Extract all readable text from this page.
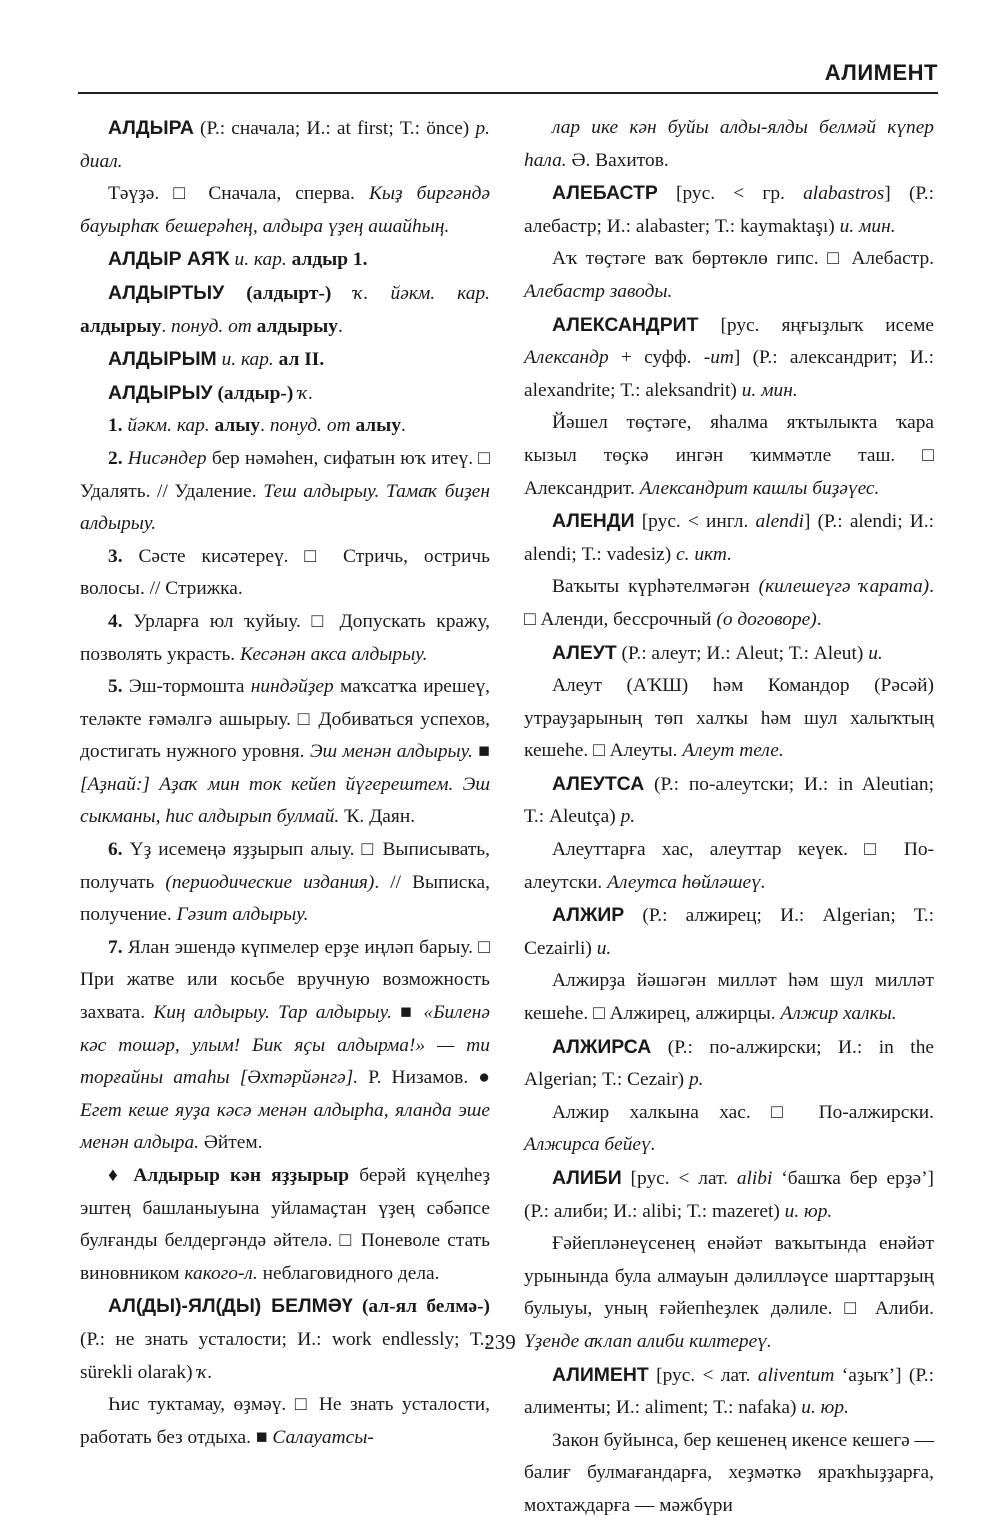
АЛИМЕНТ

АЛДЫРА (Р.: сначала; И.: at first; Т.: önce) р. диал.

Тәүҙә. □ Сначала, сперва. Кыҙ биргәндә бауырһаҡ бешерәһең, алдыра үҙең ашайһың.

АЛДЫР АЯҠ и. кар. алдыр 1.

АЛДЫРТЫУ (алдырт-) ҡ. йәкм. кар. алдырыу. понуд. от алдырыу.

АЛДЫРЫМ и. кар. ал II.

АЛДЫРЫУ (алдыр-) ҡ.

1. йәкм. кар. алыу. понуд. от алыу.

2. Нисәндер бер нәмәһен, сифатын юҡ итеү. □ Удалять. // Удаление. Теш алдырыу. Тамаҡ биҙен алдырыу.

3. Сәсте кисәтереү. □ Стричь, остричь волосы. // Стрижка.

4. Урларға юл ҡуйыу. □ Допускать кражу, позволять украсть. Кесәнән акса алдырыу.

5. Эш-тормошта ниндәйҙер маҡсатҡа ирешеү, теләкте ғәмәлгә ашырыу. □ Добиваться успехов, достигать нужного уровня. Эш менән алдырыу. ■ [Аҙнай:] Аҙаҡ мин ток кейеп йүгерештем. Эш сыкманы, һис алдырып булмай. Ҡ. Даян.

6. Үҙ исемеңә яҙҙырып алыу. □ Выписывать, получать (периодические издания). // Выписка, получение. Гәзит алдырыу.

7. Ялан эшендә күпмелер ерҙе иңләп барыу. □ При жатве или косьбе вручную возможность захвата. Киң алдырыу. Тар алдырыу. ■ «Биленә кәс тошәр, улым! Бик яҫы алдырма!» — ти торғайны атаһы [Әхтәрйәнгә]. Р. Низамов. ● Егет кеше яуҙа кәсә менән алдырһа, яланда эше менән алдыра. Әйтем.

♦ Алдырыр кән яҙҙырыр берәй күңелһеҙ эштең башланыуына уйламаҫтан үҙең сәбәпсе булғанды белдергәндә әйтелә. □ Поневоле стать виновником какого-л. неблаговидного дела.

АЛ(ДЫ)-ЯЛ(ДЫ) БЕЛМӘҮ (ал-ял белмә-) (Р.: не знать усталости; И.: work endlessly; Т.: sürekli olarak) ҡ.

Һис туктамау, өҙмәү. □ Не знать усталости, работать без отдыха. ■ Салауатсы-

лар ике кән буйы алды-ялды белмәй күпер һала. Ә. Вахитов.

АЛЕБАСТР [рус. < гр. alabastros] (Р.: алебастр; И.: alabaster; Т.: kaymaktaşı) и. мин.

Аҡ төҫтәге ваҡ бөртөклө гипс. □ Алебастр. Алебастр заводы.

АЛЕКСАНДРИТ [рус. яңғыҙлыҡ исеме Александр + суфф. -ит] (Р.: александрит; И.: alexandrite; Т.: aleksandrit) и. мин.

Йәшел төҫтәге, яһалма яҡтылыкта ҡара кызыл төҫкә ингән ҡиммәтле таш. □ Александрит. Александрит кашлы биҙәүес.

АЛЕНДИ [рус. < ингл. alendi] (Р.: alendi; И.: alendi; Т.: vadesiz) с. икт.

Ваҡыты күрһәтелмәгән (килешеүгә ҡарата). □ Аленди, бессрочный (о договоре).

АЛЕУТ (Р.: алеут; И.: Aleut; Т.: Aleut) и.

Алеут (АҠШ) һәм Командор (Рәсәй) утрауҙарының төп халҡы һәм шул халыҡтың кешеһе. □ Алеуты. Алеут теле.

АЛЕУТСА (Р.: по-алеутски; И.: in Aleutian; Т.: Aleutça) р.

Алеуттарға хас, алеуттар кеүек. □ По-алеутски. Алеутса һөйләшеү.

АЛЖИР (Р.: алжирец; И.: Algerian; Т.: Cezairli) и.

Алжирҙа йәшәгән милләт һәм шул милләт кешеһе. □ Алжирец, алжирцы. Алжир халкы.

АЛЖИРСА (Р.: по-алжирски; И.: in the Algerian; Т.: Cezair) р.

Алжир халкына хас. □ По-алжирски. Алжирса бейеү.

АЛИБИ [рус. < лат. alibi ‘башҡа бер ерҙә’] (Р.: алиби; И.: alibi; Т.: mazeret) и. юр.

Ғәйепләнеүсенең енәйәт ваҡытында енәйәт урынында була алмауын дәлилләүсе шарттарҙың булыуы, уның ғәйепһеҙлек дәлиле. □ Алиби. Үҙенде аҡлап алиби килтереү.

АЛИМЕНТ [рус. < лат. aliventum ‘аҙыҡ’] (Р.: алименты; И.: aliment; Т.: nafaka) и. юр.

Закон буйынса, бер кешенең икенсе кешегә — балиғ булмағандарға, хеҙмәткә яраҡһыҙҙарға, мохтаждарға — мәжбүри

239
